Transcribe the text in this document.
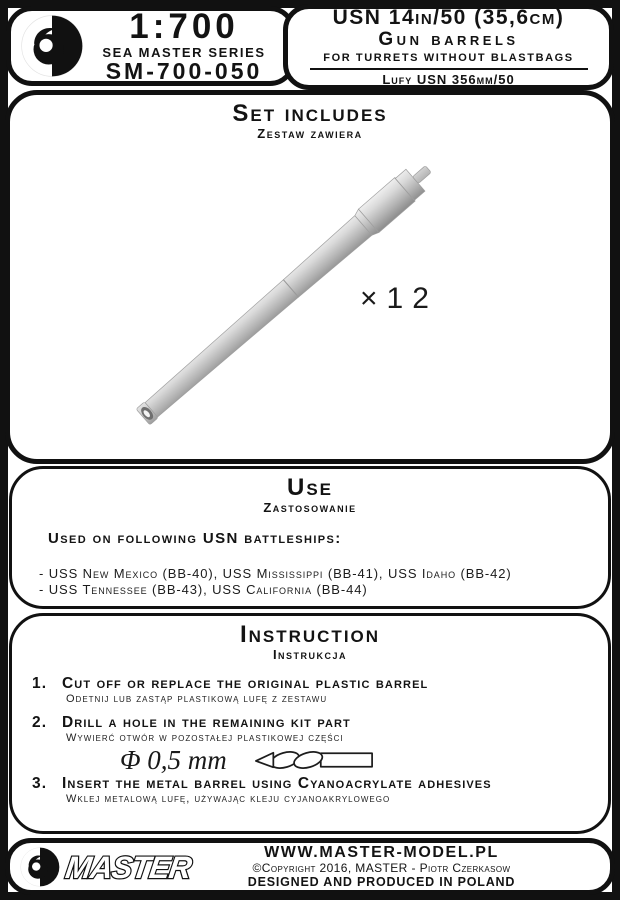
1:700
SEA MASTER SERIES
SM-700-050
USN 14in/50 (35,6cm)
Gun barrels
FOR TURRETS WITHOUT BLASTBAGS
Lufy USN 356mm/50
Set includes
Zestaw zawiera
×12
Use
Zastosowanie
Used on following USN battleships:
- USS New Mexico (BB-40), USS Mississippi (BB-41), USS Idaho (BB-42)
- USS Tennessee (BB-43), USS California (BB-44)
Instruction
Instrukcja
1. Cut off or replace the original plastic barrel
Odetnij lub zastąp plastikową lufę z zestawu
2. Drill a hole in the remaining kit part
Wywierć otwór w pozostałej plastikowej części
Φ 0,5 mm
3. Insert the metal barrel using Cyanoacrylate adhesives
Wklej metalową lufę, używając kleju cyjanoakrylowego
MASTER	WWW.MASTER-MODEL.PL
©Copyright 2016, MASTER - Piotr Czerkasow
DESIGNED AND PRODUCED IN POLAND
